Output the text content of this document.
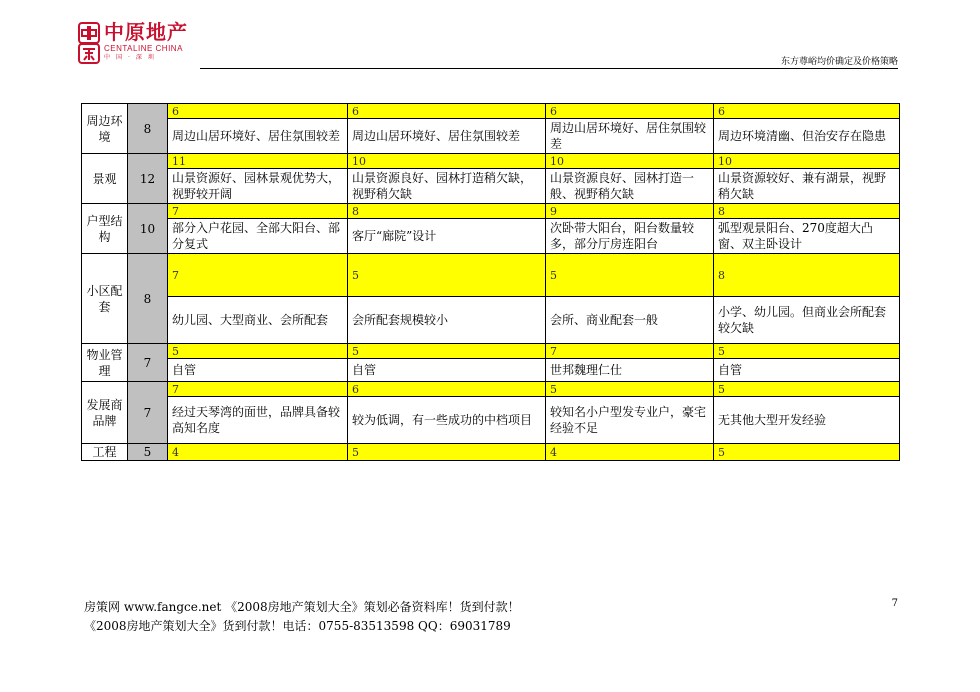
中原地产
CENTALINE CHINA
中国·深圳	东方尊峪均价确定及价格策略
周边环境	8	6	6	6	6
		周边山居环境好、居住氛围较差	周边山居环境好、居住氛围较差	周边山居环境好、居住氛围较差	周边环境清幽、但治安存在隐患
景观	12	11	10	10	10
		山景资源好、园林景观优势大，视野较开阔	山景资源良好、园林打造稍欠缺，视野稍欠缺	山景资源良好、园林打造一般、视野稍欠缺	山景资源较好、兼有湖景，视野稍欠缺
户型结构	10	7	8	9	8
		部分入户花园、全部大阳台、部分复式	客厅“廊院”设计	次卧带大阳台，阳台数量较多，部分厅房连阳台	弧型观景阳台、270度超大凸窗、双主卧设计
小区配套	8	7	5	5	8
		幼儿园、大型商业、会所配套	会所配套规模较小	会所、商业配套一般	小学、幼儿园。但商业会所配套较欠缺
物业管理	7	5	5	7	5
		自管	自管	世邦魏理仁仕	自管
发展商品牌	7	7	6	5	5
		经过天琴湾的面世，品牌具备较高知名度	较为低调，有一些成功的中档项目	较知名小户型发专业户，豪宅经验不足	无其他大型开发经验
工程	5	4	5	4	5
房策网 www.fangce.net 《2008房地产策划大全》策划必备资料库！货到付款！
《2008房地产策划大全》货到付款！电话：0755-83513598 QQ：69031789
7
